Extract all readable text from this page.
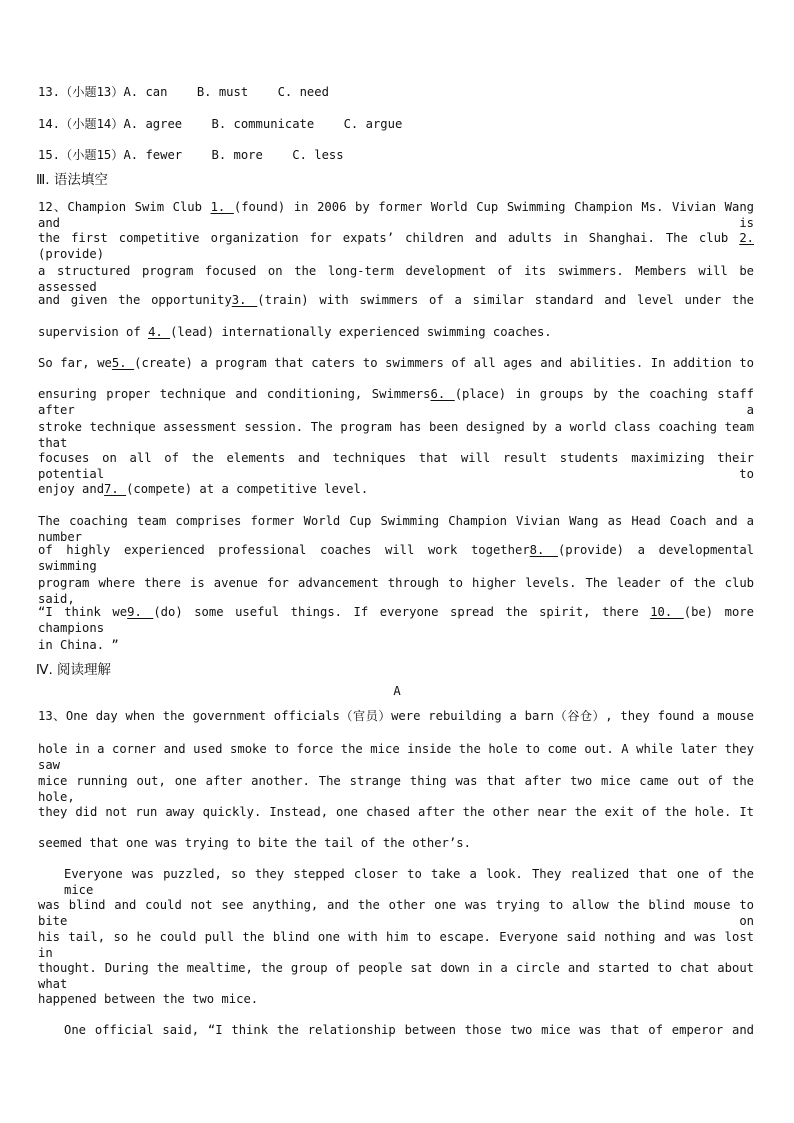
13.（小题13）A. can B. must C. need
14.（小题14）A. agree B. communicate C. argue
15.（小题15）A. fewer B. more C. less
Ⅲ. 语法填空
12、Champion Swim Club 1. (found) in 2006 by former World Cup Swimming Champion Ms. Vivian Wang and is
the first competitive organization for expats’ children and adults in Shanghai. The club 2. (provide)
a structured program focused on the long-term development of its swimmers. Members will be assessed
and given the opportunity3. (train) with swimmers of a similar standard and level under the
supervision of 4. (lead) internationally experienced swimming coaches.
So far, we5. (create) a program that caters to swimmers of all ages and abilities. In addition to
ensuring proper technique and conditioning, Swimmers6. (place) in groups by the coaching staff after a
stroke technique assessment session. The program has been designed by a world class coaching team that
focuses on all of the elements and techniques that will result students maximizing their potential to
enjoy and7. (compete) at a competitive level.
The coaching team comprises former World Cup Swimming Champion Vivian Wang as Head Coach and a number
of highly experienced professional coaches will work together8. (provide) a developmental swimming
program where there is avenue for advancement through to higher levels. The leader of the club said,
“I think we9. (do) some useful things. If everyone spread the spirit, there 10. (be) more champions
in China. ”
Ⅳ. 阅读理解
A
13、One day when the government officials（官员）were rebuilding a barn（谷仓）, they found a mouse
hole in a corner and used smoke to force the mice inside the hole to come out. A while later they saw
mice running out, one after another. The strange thing was that after two mice came out of the hole,
they did not run away quickly. Instead, one chased after the other near the exit of the hole. It
seemed that one was trying to bite the tail of the other’s.
Everyone was puzzled, so they stepped closer to take a look. They realized that one of the mice
was blind and could not see anything, and the other one was trying to allow the blind mouse to bite on
his tail, so he could pull the blind one with him to escape. Everyone said nothing and was lost in
thought. During the mealtime, the group of people sat down in a circle and started to chat about what
happened between the two mice.
One official said, “I think the relationship between those two mice was that of emperor and
